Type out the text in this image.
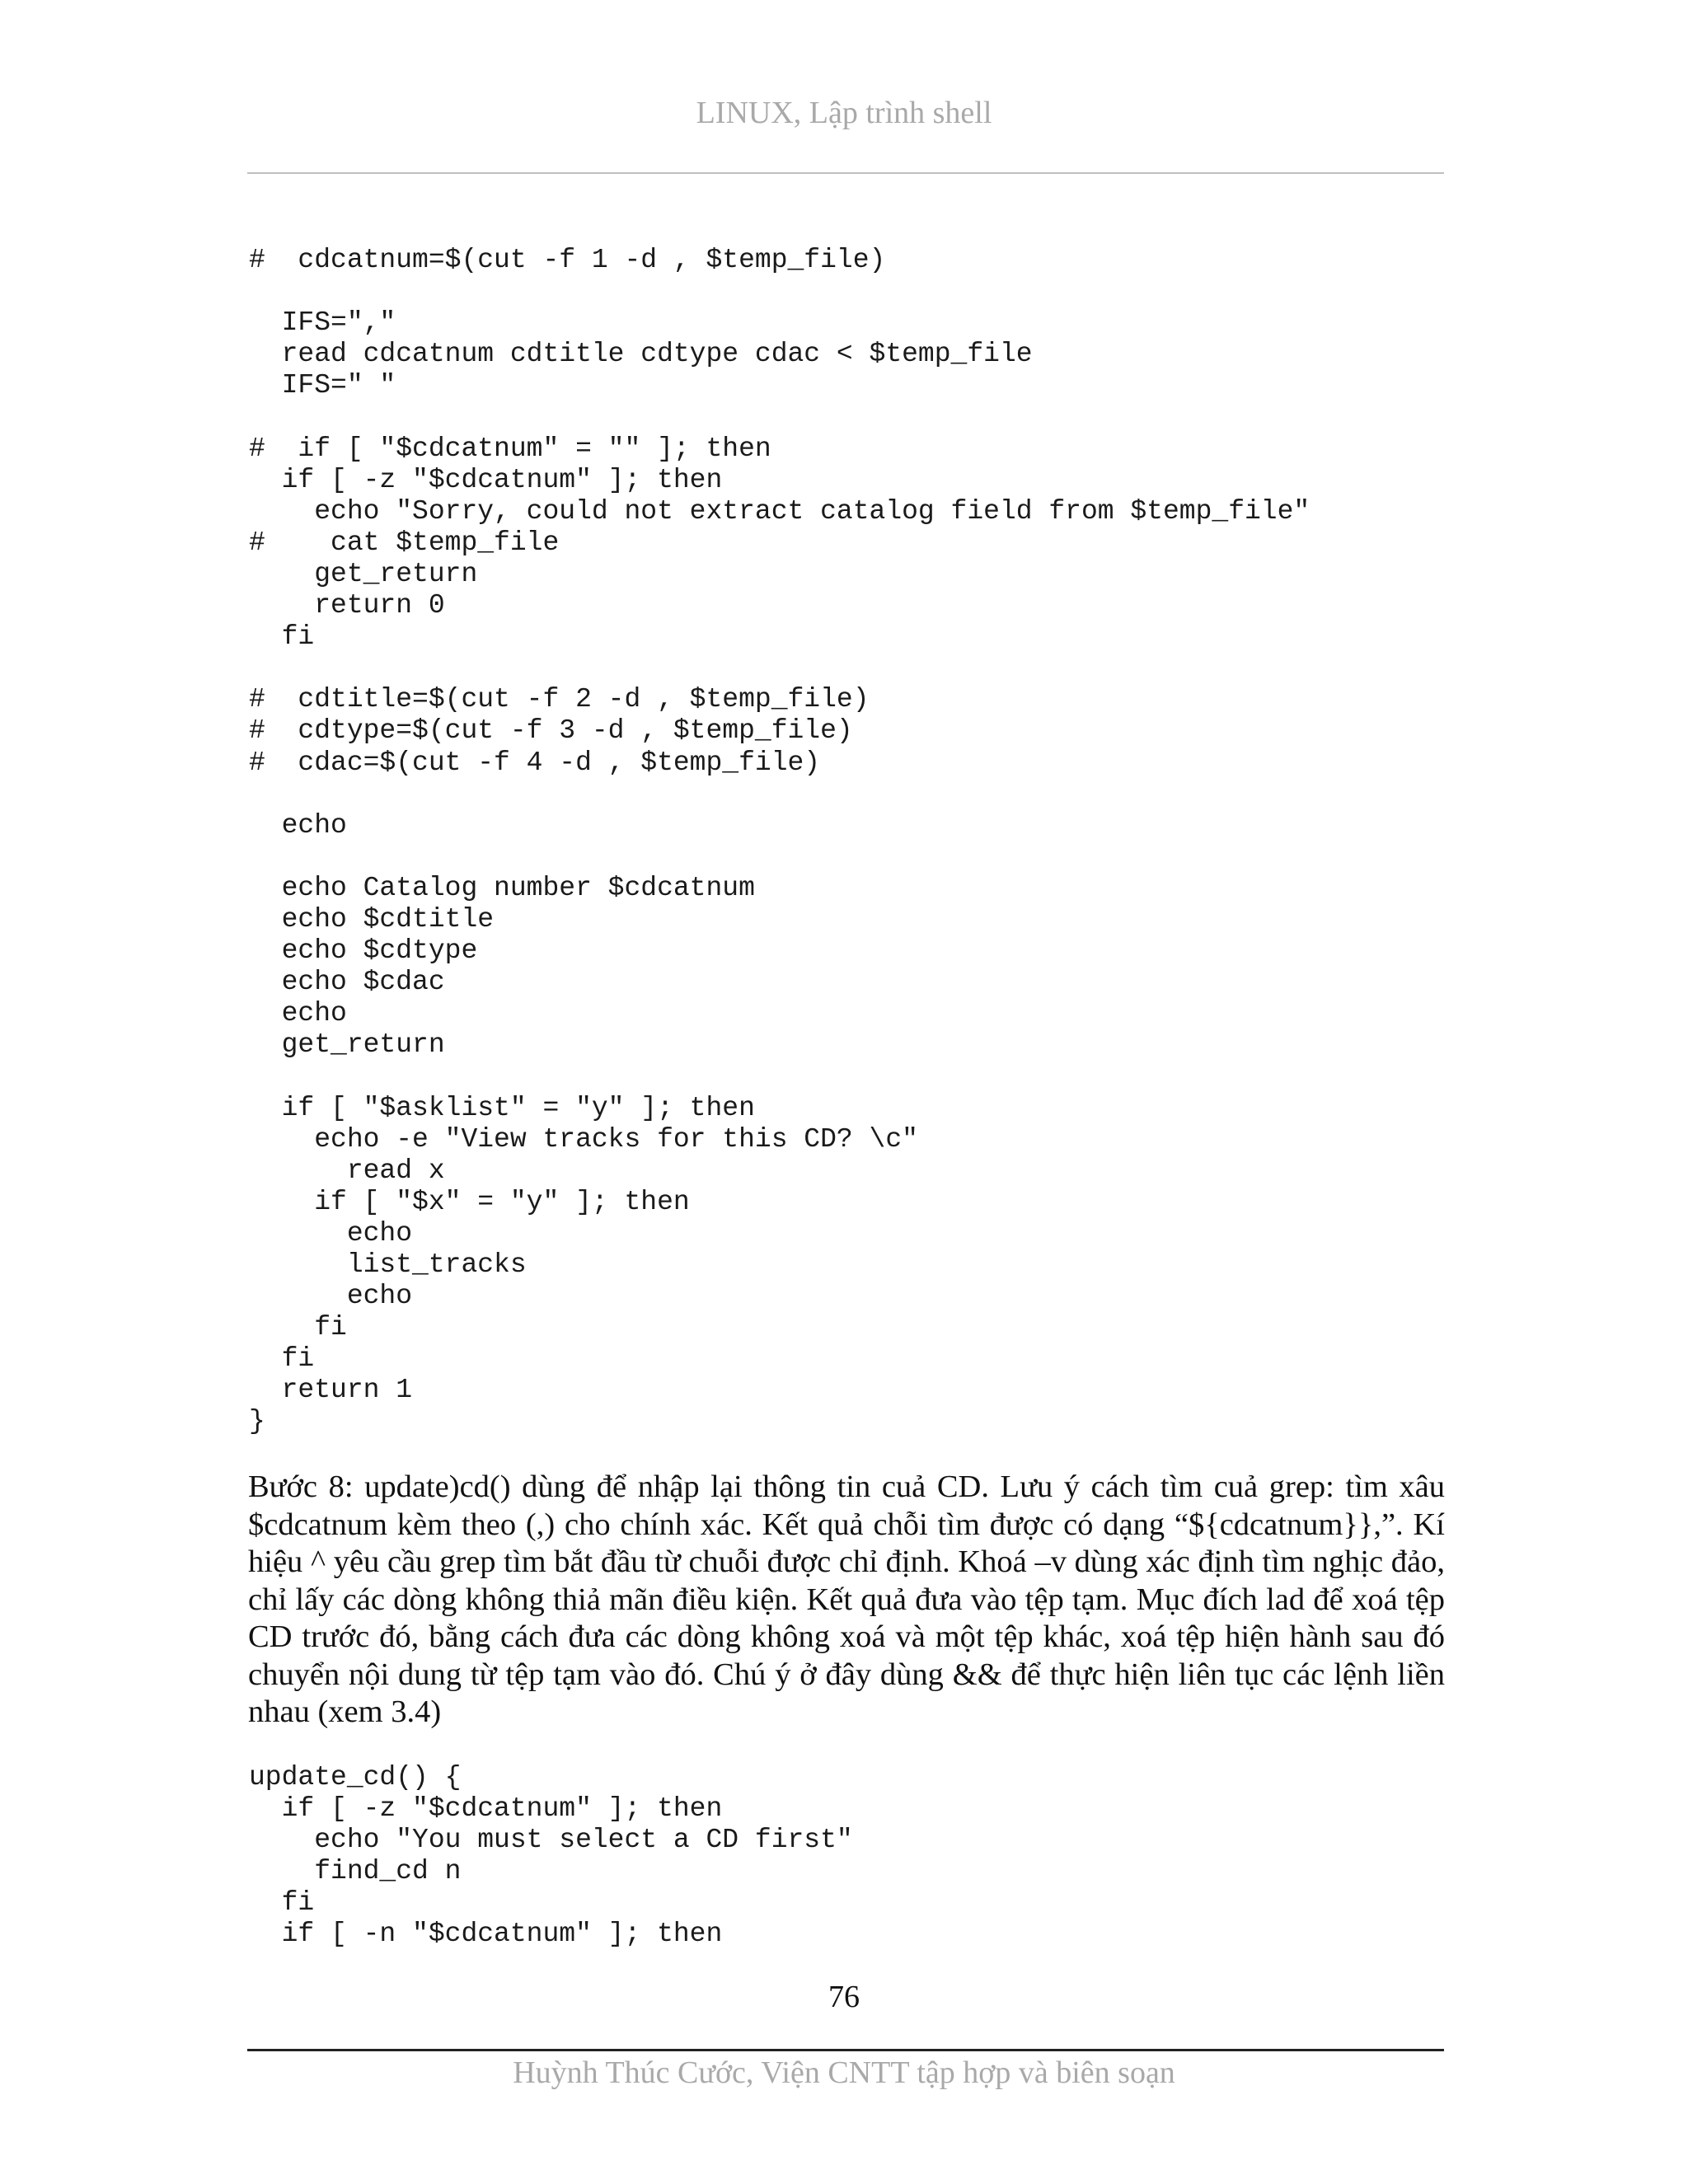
LINUX, Lập trình shell
#  cdcatnum=$(cut -f 1 -d , $temp_file)
IFS=","
read cdcatnum cdtitle cdtype cdac < $temp_file
IFS=" "
#  if [ "$cdcatnum" = "" ]; then
if [ -z "$cdcatnum" ]; then
echo "Sorry, could not extract catalog field from $temp_file"
#    cat $temp_file
get_return
return 0
fi
#  cdtitle=$(cut -f 2 -d , $temp_file)
#  cdtype=$(cut -f 3 -d , $temp_file)
#  cdac=$(cut -f 4 -d , $temp_file)
echo
echo Catalog number $cdcatnum
echo $cdtitle
echo $cdtype
echo $cdac
echo
get_return
if [ "$asklist" = "y" ]; then
echo -e "View tracks for this CD? \c"
read x
if [ "$x" = "y" ]; then
echo
list_tracks
echo
fi
fi
return 1
}

Bước 8: update)cd() dùng để nhập lại thông tin cuả CD. Lưu ý cách tìm cuả grep: tìm xâu $cdcatnum kèm theo (,) cho chính xác. Kết quả chỗi tìm được có dạng “${cdcatnum}},”. Kí hiệu ^ yêu cầu grep tìm bắt đầu từ chuỗi được chỉ định. Khoá –v dùng xác định tìm nghịc đảo, chỉ lấy các dòng không thiả mãn điều kiện. Kết quả đưa vào tệp tạm. Mục đích lad để xoá tệp CD trước đó, bằng cách đưa các dòng không xoá và một tệp khác, xoá tệp hiện hành sau đó chuyển nội dung từ tệp tạm vào đó. Chú ý ở đây dùng && để thực hiện liên tục các lệnh liền nhau (xem 3.4)

update_cd() {
if [ -z "$cdcatnum" ]; then
echo "You must select a CD first"
find_cd n
fi
if [ -n "$cdcatnum" ]; then
76
Huỳnh Thúc Cước, Viện CNTT tập hợp và biên soạn
